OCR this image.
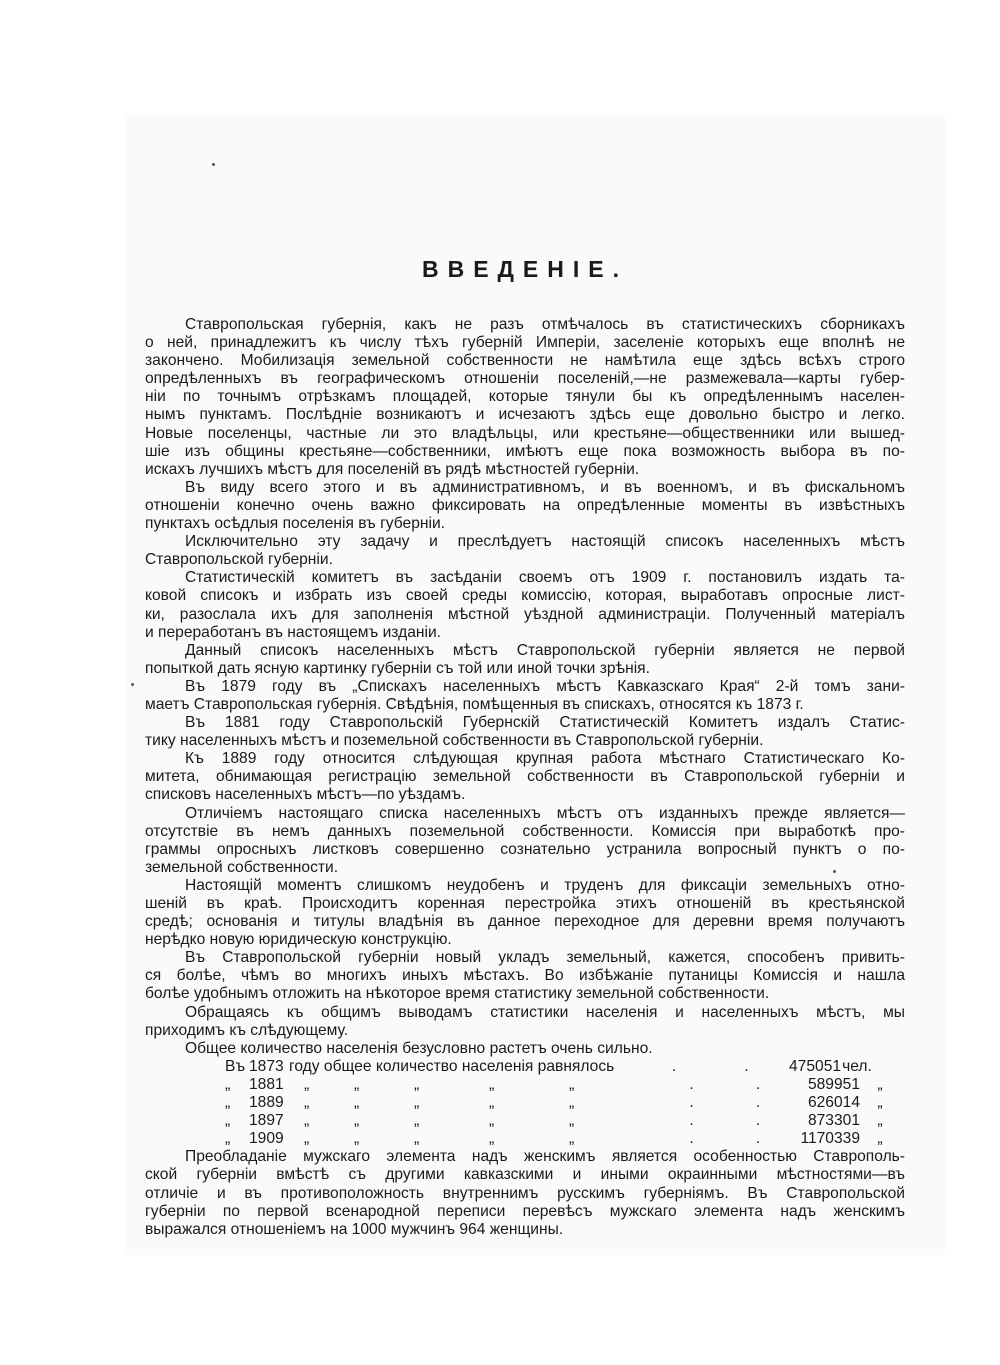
ВВЕДЕНІЕ.
Ставропольская губернія, какъ не разъ отмѣчалось въ статистическихъ сборникахъ
о ней, принадлежитъ къ числу тѣхъ губерній Имперіи, заселеніе которыхъ еще вполнѣ не
закончено. Мобилизація земельной собственности не намѣтила еще здѣсь всѣхъ строго
опредѣленныхъ въ географическомъ отношеніи поселеній,—не размежевала—карты губер-
ніи по точнымъ отрѣзкамъ площадей, которые тянули бы къ опредѣленнымъ населен-
нымъ пунктамъ. Послѣдніе возникаютъ и исчезаютъ здѣсь еще довольно быстро и легко.
Новые поселенцы, частные ли это владѣльцы, или крестьяне—общественники или вышед-
шіе изъ общины крестьяне—собственники, имѣютъ еще пока возможность выбора въ по-
искахъ лучшихъ мѣстъ для поселеній въ рядѣ мѣстностей губерніи.
Въ виду всего этого и въ административномъ, и въ военномъ, и въ фискальномъ
отношеніи конечно очень важно фиксировать на опредѣленные моменты въ извѣстныхъ
пунктахъ осѣдлыя поселенія въ губерніи.
Исключительно эту задачу и преслѣдуетъ настоящій списокъ населенныхъ мѣстъ
Ставропольской губерніи.
Статистическій комитетъ въ засѣданіи своемъ отъ 1909 г. постановилъ издать та-
ковой списокъ и избрать изъ своей среды комиссію, которая, выработавъ опросные лист-
ки, разослала ихъ для заполненія мѣстной уѣздной администраціи. Полученный матеріалъ
и переработанъ въ настоящемъ изданіи.
Данный списокъ населенныхъ мѣстъ Ставропольской губерніи является не первой
попыткой дать ясную картинку губерніи съ той или иной точки зрѣнія.
Въ 1879 году въ „Спискахъ населенныхъ мѣстъ Кавказскаго Края“ 2-й томъ зани-
маетъ Ставропольская губернія. Свѣдѣнія, помѣщенныя въ спискахъ, относятся къ 1873 г.
Въ 1881 году Ставропольскій Губернскій Статистическій Комитетъ издалъ Статис-
тику населенныхъ мѣстъ и поземельной собственности въ Ставропольской губерніи.
Къ 1889 году относится слѣдующая крупная работа мѣстнаго Статистическаго Ко-
митета, обнимающая регистрацію земельной собственности въ Ставропольской губерніи и
списковъ населенныхъ мѣстъ—по уѣздамъ.
Отличіемъ настоящаго списка населенныхъ мѣстъ отъ изданныхъ прежде является—
отсутствіе въ немъ данныхъ поземельной собственности. Комиссія при выработкѣ про-
граммы опросныхъ листковъ совершенно сознательно устранила вопросный пунктъ о по-
земельной собственности.
Настоящій моментъ слишкомъ неудобенъ и труденъ для фиксаціи земельныхъ отно-
шеній въ краѣ. Происходитъ коренная перестройка этихъ отношеній въ крестьянской
средѣ; основанія и титулы владѣнія въ данное переходное для деревни время получаютъ
нерѣдко новую юридическую конструкцію.
Въ Ставропольской губерніи новый укладъ земельный, кажется, способенъ привить-
ся болѣе, чѣмъ во многихъ иныхъ мѣстахъ. Во избѣжаніе путаницы Комиссія и нашла
болѣе удобнымъ отложить на нѣкоторое время статистику земельной собственности.
Обращаясь къ общимъ выводамъ статистики населенія и населенныхъ мѣстъ, мы
приходимъ къ слѣдующему.
Общее количество населенія безусловно растетъ очень сильно.
Въ 1873 году общее количество населенія равнялось	.	.	475051 чел.
„	1881	„	„	„	„	„	.	.	589951	„
„	1889	„	„	„	„	„	.	.	626014	„
„	1897	„	„	„	„	„	.	.	873301	„
„	1909	„	„	„	„	„	.	.	1170339	„
Преобладаніе мужскаго элемента надъ женскимъ является особенностью Ставрополь-
ской губерніи вмѣстѣ съ другими кавказскими и иными окраинными мѣстностями—въ
отличіе и въ противоположность внутреннимъ русскимъ губерніямъ. Въ Ставропольской
губерніи по первой всенародной переписи перевѣсъ мужскаго элемента надъ женскимъ
выражался отношеніемъ на 1000 мужчинъ 964 женщины.
